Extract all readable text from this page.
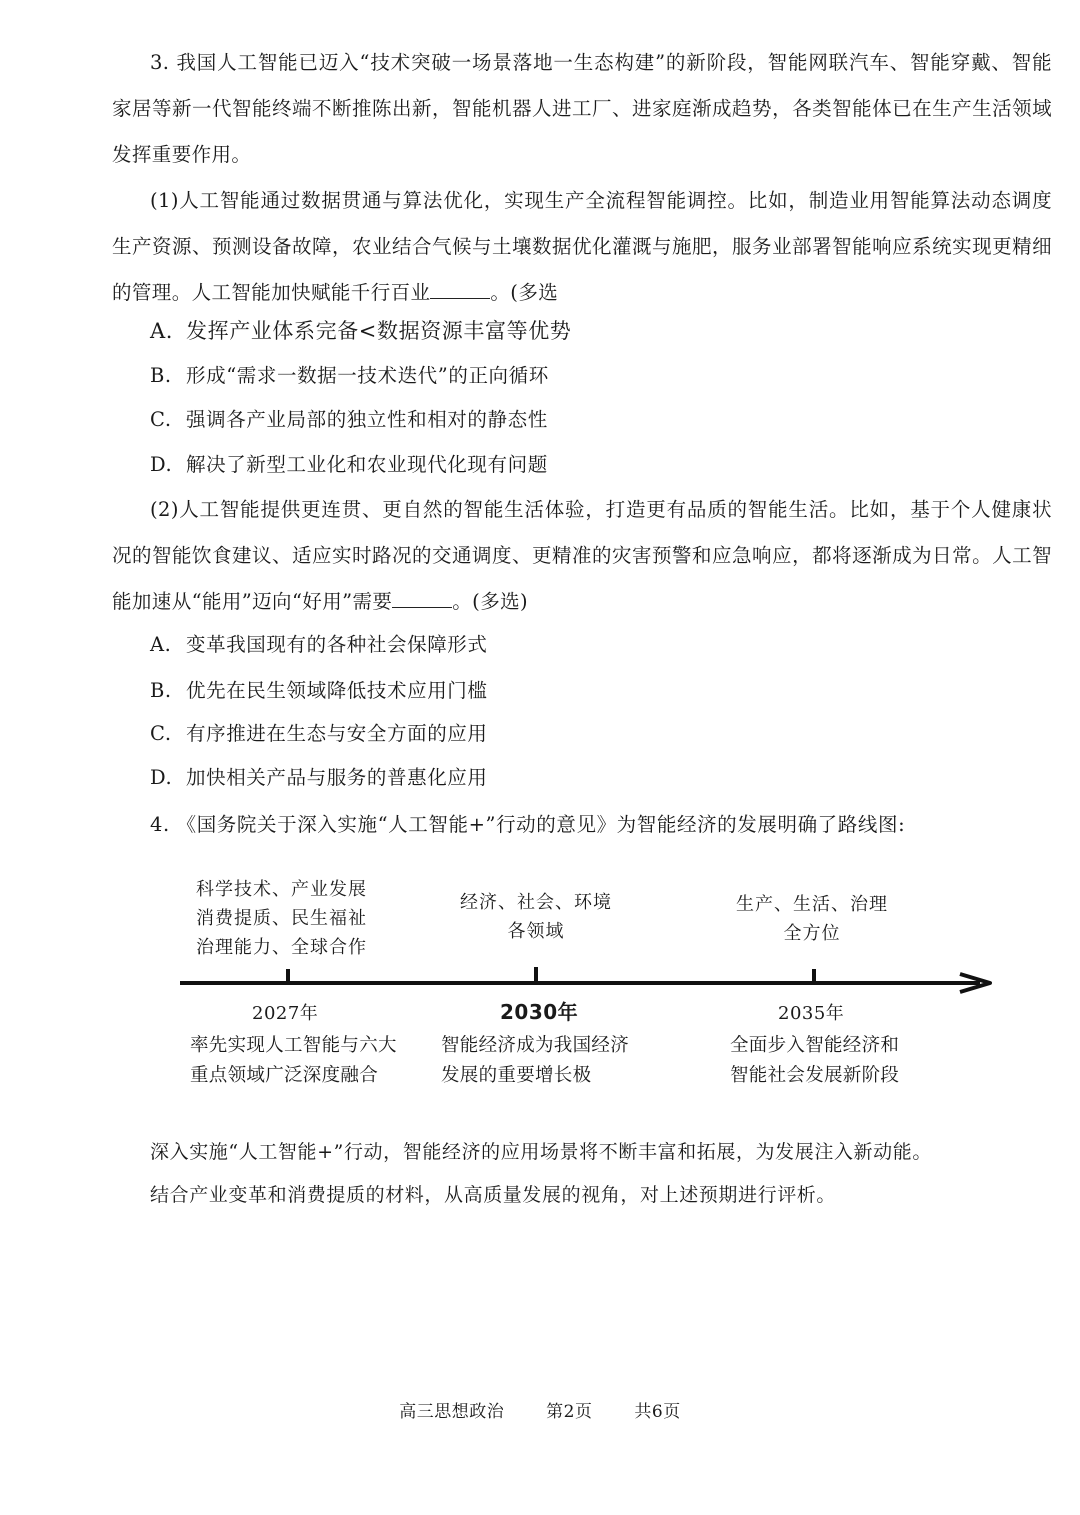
3. 我国人工智能已迈入“技术突破一场景落地一生态构建”的新阶段，智能网联汽车、智能穿戴、智能家居等新一代智能终端不断推陈出新，智能机器人进工厂、进家庭渐成趋势，各类智能体已在生产生活领域发挥重要作用。

(1)人工智能通过数据贯通与算法优化，实现生产全流程智能调控。比如，制造业用智能算法动态调度生产资源、预测设备故障，农业结合气候与土壤数据优化灌溉与施肥，服务业部署智能响应系统实现更精细的管理。人工智能加快赋能千行百业	。(多选

A. 发挥产业体系完备<数据资源丰富等优势
B. 形成“需求一数据一技术迭代”的正向循环
C. 强调各产业局部的独立性和相对的静态性
D. 解决了新型工业化和农业现代化现有问题

(2)人工智能提供更连贯、更自然的智能生活体验，打造更有品质的智能生活。比如，基于个人健康状况的智能饮食建议、适应实时路况的交通调度、更精准的灾害预警和应急响应，都将逐渐成为日常。人工智能加速从“能用”迈向“好用”需要	。(多选)

A. 变革我国现有的各种社会保障形式
B. 优先在民生领域降低技术应用门槛
C. 有序推进在生态与安全方面的应用
D. 加快相关产品与服务的普惠化应用
4. 《国务院关于深入实施“人工智能+”行动的意见》为智能经济的发展明确了路线图:
科学技术、产业发展
消费提质、民生福祉
治理能力、全球合作
2027年
率先实现人工智能与六大
重点领域广泛深度融合
经济、社会、环境
各领域
2030年
智能经济成为我国经济
发展的重要增长极
生产、生活、治理
全方位
2035年
全面步入智能经济和
智能社会发展新阶段
深入实施“人工智能+”行动，智能经济的应用场景将不断丰富和拓展，为发展注入新动能。
结合产业变革和消费提质的材料，从高质量发展的视角，对上述预期进行评析。
高三思想政治 第2页 共6页
